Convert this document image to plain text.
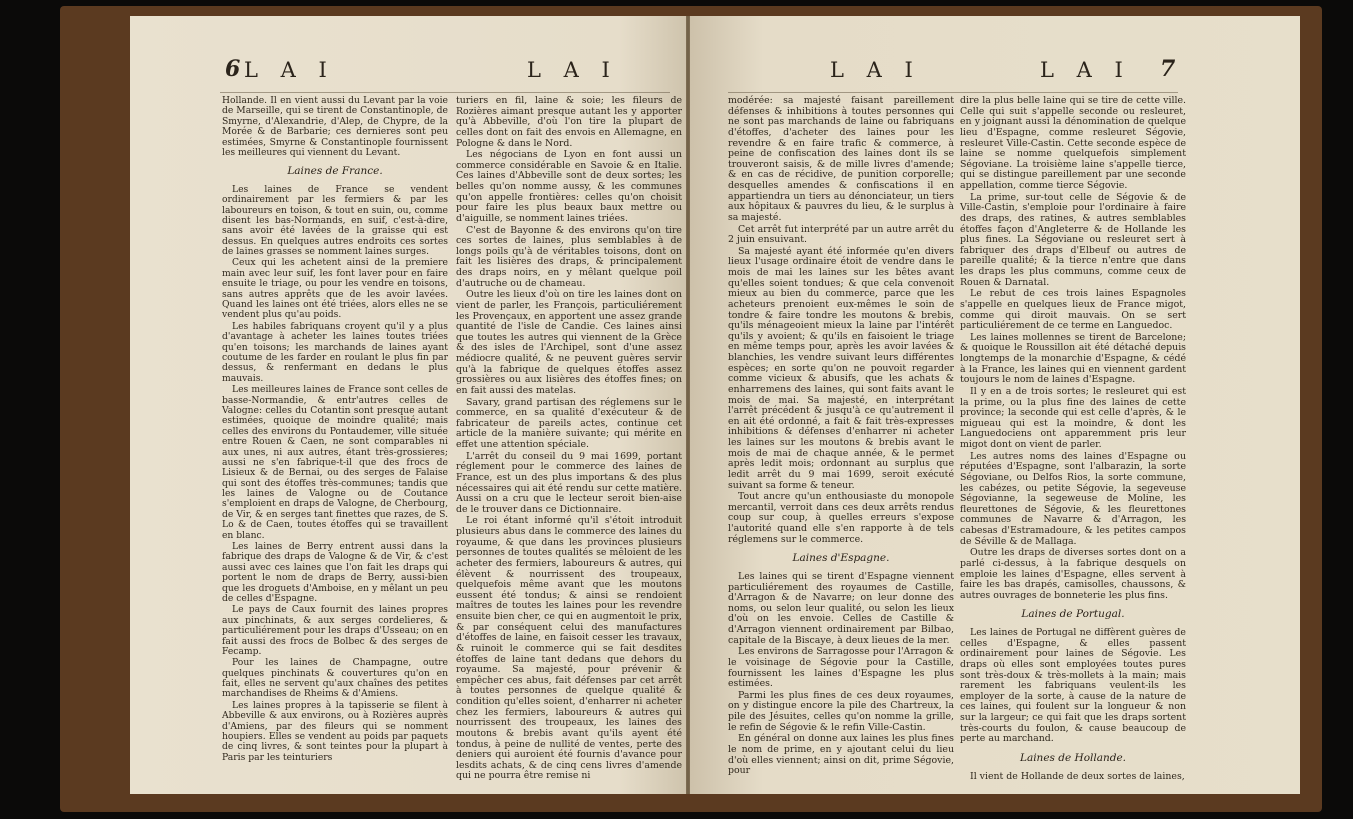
6 L A I	L A I

Hollande. Il en vient aussi du Levant par la voie de Marseille, qui se tirent de Constantinople, de Smyrne, d'Alexandrie, d'Alep, de Chypre, de la Morée & de Barbarie; ces dernieres sont peu estimées, Smyrne & Constantinople fournissent les meilleures qui viennent du Levant.

Laines de France.

Les laines de France se vendent ordinairement par les fermiers & par les laboureurs en toison, & tout en suin, ou, comme disent les bas-Normands, en suif, c'est-à-dire, sans avoir été lavées de la graisse qui est dessus. En quelques autres endroits ces sortes de laines grasses se nomment laines surges.

Ceux qui les achetent ainsi de la premiere main avec leur suif, les font laver pour en faire ensuite le triage, ou pour les vendre en toisons, sans autres apprêts que de les avoir lavées. Quand les laines ont été triées, alors elles ne se vendent plus qu'au poids.

Les habiles fabriquans croyent qu'il y a plus d'avantage à acheter les laines toutes triées qu'en toisons; les marchands de laines ayant coutume de les farder en roulant le plus fin par dessus, & renfermant en dedans le plus mauvais.

Les meilleures laines de France sont celles de basse-Normandie, & entr'autres celles de Valogne: celles du Cotantin sont presque autant estimées, quoique de moindre qualité; mais celles des environs du Pontaudemer, ville située entre Rouen & Caen, ne sont comparables ni aux unes, ni aux autres, étant très-grossieres; aussi ne s'en fabrique-t-il que des frocs de Lisieux & de Bernai, ou des serges de Falaise qui sont des étoffes très-communes; tandis que les laines de Valogne ou de Coutance s'emploient en draps de Valogne, de Cherbourg, de Vir, & en serges tant finettes que razes, de S. Lo & de Caen, toutes étoffes qui se travaillent en blanc.

Les laines de Berry entrent aussi dans la fabrique des draps de Valogne & de Vir, & c'est aussi avec ces laines que l'on fait les draps qui portent le nom de draps de Berry, aussi-bien que les droguets d'Amboise, en y mêlant un peu de celles d'Espagne.

Le pays de Caux fournit des laines propres aux pinchinats, & aux serges cordelieres, & particuliérement pour les draps d'Usseau; on en fait aussi des frocs de Bolbec & des serges de Fecamp.

Pour les laines de Champagne, outre quelques pinchinats & couvertures qu'on en fait, elles ne servent qu'aux chaînes des petites marchandises de Rheims & d'Amiens.

Les laines propres à la tapisserie se filent à Abbeville & aux environs, ou à Rozières auprès d'Amiens, par des fileurs qui se nomment houpiers. Elles se vendent au poids par paquets de cinq livres, & sont teintes pour la plupart à Paris par les teinturiers

turiers en fil, laine & soie; les fileurs de Rozières aimant presque autant les y apporter qu'à Abbeville, d'où l'on tire la plupart de celles dont on fait des envois en Allemagne, en Pologne & dans le Nord.

Les négocians de Lyon en font aussi un commerce considérable en Savoie & en Italie. Ces laines d'Abbeville sont de deux sortes; les belles qu'on nomme aussy, & les communes qu'on appelle frontières: celles qu'on choisit pour faire les plus beaux baux mettre ou d'aiguille, se nomment laines triées.

C'est de Bayonne & des environs qu'on tire ces sortes de laines, plus semblables à de longs poils qu'à de véritables toisons, dont on fait les lisières des draps, & principalement des draps noirs, en y mêlant quelque poil d'autruche ou de chameau.

Outre les lieux d'où on tire les laines dont on vient de parler, les François, particuliérement les Provençaux, en apportent une assez grande quantité de l'isle de Candie. Ces laines ainsi que toutes les autres qui viennent de la Grèce & des isles de l'Archipel, sont d'une assez médiocre qualité, & ne peuvent guères servir qu'à la fabrique de quelques étoffes assez grossières ou aux lisières des étoffes fines; on en fait aussi des matelas.

Savary, grand partisan des réglemens sur le commerce, en sa qualité d'exécuteur & de fabricateur de pareils actes, continue cet article de la manière suivante; qui mérite en effet une attention spéciale.

L'arrêt du conseil du 9 mai 1699, portant réglement pour le commerce des laines de France, est un des plus importans & des plus nécessaires qui ait été rendu sur cette matière. Aussi on a cru que le lecteur seroit bien-aise de le trouver dans ce Dictionnaire.

Le roi étant informé qu'il s'étoit introduit plusieurs abus dans le commerce des laines du royaume, & que dans les provinces plusieurs personnes de toutes qualités se mêloient de les acheter des fermiers, laboureurs & autres, qui élèvent & nourrissent des troupeaux, quelquefois même avant que les moutons eussent été tondus; & ainsi se rendoient maîtres de toutes les laines pour les revendre ensuite bien cher, ce qui en augmentoit le prix, & par conséquent celui des manufactures d'étoffes de laine, en faisoit cesser les travaux, & ruinoit le commerce qui se fait desdites étoffes de laine tant dedans que dehors du royaume. Sa majesté, pour prévenir & empêcher ces abus, fait défenses par cet arrêt à toutes personnes de quelque qualité & condition qu'elles soient, d'enharrer ni acheter chez les fermiers, laboureurs & autres qui nourrissent des troupeaux, les laines des moutons & brebis avant qu'ils ayent été tondus, à peine de nullité de ventes, perte des deniers qui auroient été fournis d'avance pour lesdits achats, & de cinq cens livres d'amende qui ne pourra être remise ni

L A I	L A I 7

modérée: sa majesté faisant pareillement défenses & inhibitions à toutes personnes qui ne sont pas marchands de laine ou fabriquans d'étoffes, d'acheter des laines pour les revendre & en faire trafic & commerce, à peine de confiscation des laines dont ils se trouveront saisis, & de mille livres d'amende; & en cas de récidive, de punition corporelle; desquelles amendes & confiscations il en appartiendra un tiers au dénonciateur, un tiers aux hôpitaux & pauvres du lieu, & le surplus à sa majesté.

Cet arrêt fut interprété par un autre arrêt du 2 juin ensuivant.

Sa majesté ayant été informée qu'en divers lieux l'usage ordinaire étoit de vendre dans le mois de mai les laines sur les bêtes avant qu'elles soient tondues; & que cela convenoit mieux au bien du commerce, parce que les acheteurs prenoient eux-mêmes le soin de tondre & faire tondre les moutons & brebis, qu'ils ménageoient mieux la laine par l'intérêt qu'ils y avoient; & qu'ils en faisoient le triage en même temps pour, après les avoir lavées & blanchies, les vendre suivant leurs différentes espèces; en sorte qu'on ne pouvoit regarder comme vicieux & abusifs, que les achats & enharremens des laines, qui sont faits avant le mois de mai. Sa majesté, en interprétant l'arrêt précédent & jusqu'à ce qu'autrement il en ait été ordonné, a fait & fait très-expresses inhibitions & défenses d'enharrer ni acheter les laines sur les moutons & brebis avant le mois de mai de chaque année, & le permet après ledit mois; ordonnant au surplus que ledit arrêt du 9 mai 1699, seroit exécuté suivant sa forme & teneur.

Tout ancre qu'un enthousiaste du monopole mercantil, verroit dans ces deux arrêts rendus coup sur coup, à quelles erreurs s'expose l'autorité quand elle s'en rapporte à de tels réglemens sur le commerce.

Laines d'Espagne.

Les laines qui se tirent d'Espagne viennent particuliérement des royaumes de Castille, d'Arragon & de Navarre; on leur donne des noms, ou selon leur qualité, ou selon les lieux d'où on les envoie. Celles de Castille & d'Arragon viennent ordinairement par Bilbao, capitale de la Biscaye, à deux lieues de la mer.

Les environs de Sarragosse pour l'Arragon & le voisinage de Ségovie pour la Castille, fournissent les laines d'Espagne les plus estimées.

Parmi les plus fines de ces deux royaumes, on y distingue encore la pile des Chartreux, la pile des Jésuites, celles qu'on nomme la grille, le refin de Ségovie & le refin Ville-Castin.

En général on donne aux laines les plus fines le nom de prime, en y ajoutant celui du lieu d'où elles viennent; ainsi on dit, prime Ségovie, pour

dire la plus belle laine qui se tire de cette ville. Celle qui suit s'appelle seconde ou resleuret, en y joignant aussi la dénomination de quelque lieu d'Espagne, comme resleuret Ségovie, resleuret Ville-Castin. Cette seconde espèce de laine se nomme quelquefois simplement Ségoviane. La troisième laine s'appelle tierce, qui se distingue pareillement par une seconde appellation, comme tierce Ségovie.

La prime, sur-tout celle de Ségovie & de Ville-Castin, s'emploie pour l'ordinaire à faire des draps, des ratines, & autres semblables étoffes façon d'Angleterre & de Hollande les plus fines. La Ségoviane ou resleuret sert à fabriquer des draps d'Elbeuf ou autres de pareille qualité; & la tierce n'entre que dans les draps les plus communs, comme ceux de Rouen & Darnatal.

Le rebut de ces trois laines Espagnoles s'appelle en quelques lieux de France migot, comme qui diroit mauvais. On se sert particuliérement de ce terme en Languedoc.

Les laines mollennes se tirent de Barcelone; & quoique le Roussillon ait été détaché depuis longtemps de la monarchie d'Espagne, & cédé à la France, les laines qui en viennent gardent toujours le nom de laines d'Espagne.

Il y en a de trois sortes; le resleuret qui est la prime, ou la plus fine des laines de cette province; la seconde qui est celle d'après, & le migueau qui est la moindre, & dont les Languedociens ont apparemment pris leur migot dont on vient de parler.

Les autres noms des laines d'Espagne ou réputées d'Espagne, sont l'albarazin, la sorte Ségoviane, ou Delfos Rios, la sorte commune, les cabézes, ou petite Ségovie, la segeveuse Ségovianne, la segeweuse de Moline, les fleurettones de Ségovie, & les fleurettones communes de Navarre & d'Arragon, les cabesas d'Estramadoure, & les petites campos de Séville & de Mallaga.

Outre les draps de diverses sortes dont on a parlé ci-dessus, à la fabrique desquels on emploie les laines d'Espagne, elles servent à faire les bas drapés, camisolles, chaussons, & autres ouvrages de bonneterie les plus fins.

Laines de Portugal.

Les laines de Portugal ne diffèrent guères de celles d'Espagne, & elles passent ordinairement pour laines de Ségovie. Les draps où elles sont employées toutes pures sont très-doux & très-mollets à la main; mais rarement les fabriquans veulent-ils les employer de la sorte, à cause de la nature de ces laines, qui foulent sur la longueur & non sur la largeur; ce qui fait que les draps sortent très-courts du foulon, & cause beaucoup de perte au marchand.

Laines de Hollande.

Il vient de Hollande de deux sortes de laines,
